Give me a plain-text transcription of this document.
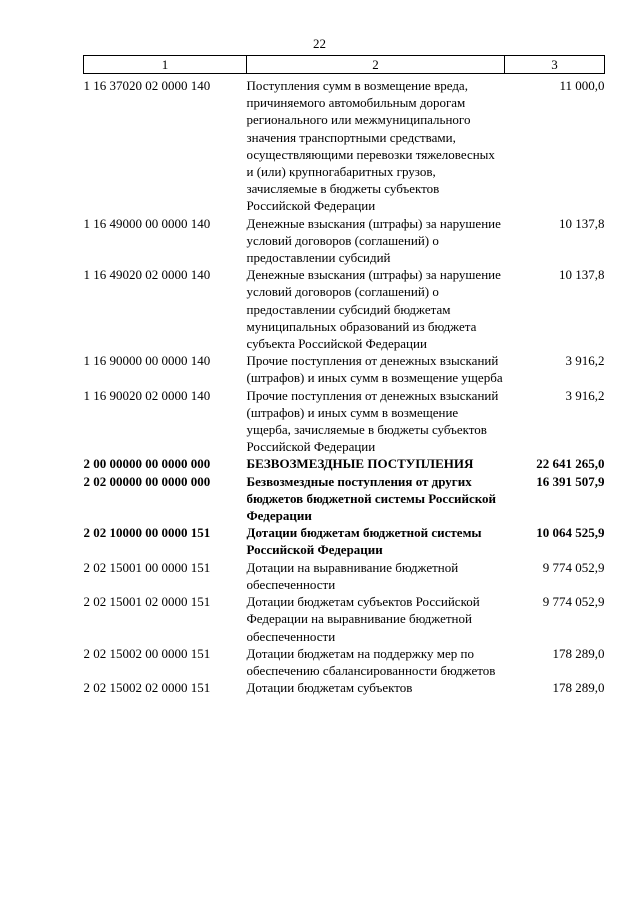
22
1	2	3
1 16 37020 02 0000 140	Поступления сумм в возмещение вреда, причиняемого автомобильным дорогам регионального или межмуниципального значения транспортными средствами, осуществляющими перевозки тяжеловесных и (или) крупногабаритных грузов, зачисляемые в бюджеты субъектов Российской Федерации	11 000,0
1 16 49000 00 0000 140	Денежные взыскания (штрафы) за нарушение условий договоров (соглашений) о предоставлении субсидий	10 137,8
1 16 49020 02 0000 140	Денежные взыскания (штрафы) за нарушение условий договоров (соглашений) о предоставлении субсидий бюджетам муниципальных образований из бюджета субъекта Российской Федерации	10 137,8
1 16 90000 00 0000 140	Прочие поступления от денежных взысканий (штрафов) и иных сумм в возмещение ущерба	3 916,2
1 16 90020 02 0000 140	Прочие поступления от денежных взысканий (штрафов) и иных сумм в возмещение ущерба, зачисляемые в бюджеты субъектов Российской Федерации	3 916,2
2 00 00000 00 0000 000	БЕЗВОЗМЕЗДНЫЕ ПОСТУПЛЕНИЯ	22 641 265,0
2 02 00000 00 0000 000	Безвозмездные поступления от других бюджетов бюджетной системы Российской Федерации	16 391 507,9
2 02 10000 00 0000 151	Дотации бюджетам бюджетной системы Российской Федерации	10 064 525,9
2 02 15001 00 0000 151	Дотации на выравнивание бюджетной обеспеченности	9 774 052,9
2 02 15001 02 0000 151	Дотации бюджетам субъектов Российской Федерации на выравнивание бюджетной обеспеченности	9 774 052,9
2 02 15002 00 0000 151	Дотации бюджетам на поддержку мер по обеспечению сбалансированности бюджетов	178 289,0
2 02 15002 02 0000 151	Дотации бюджетам субъектов	178 289,0
